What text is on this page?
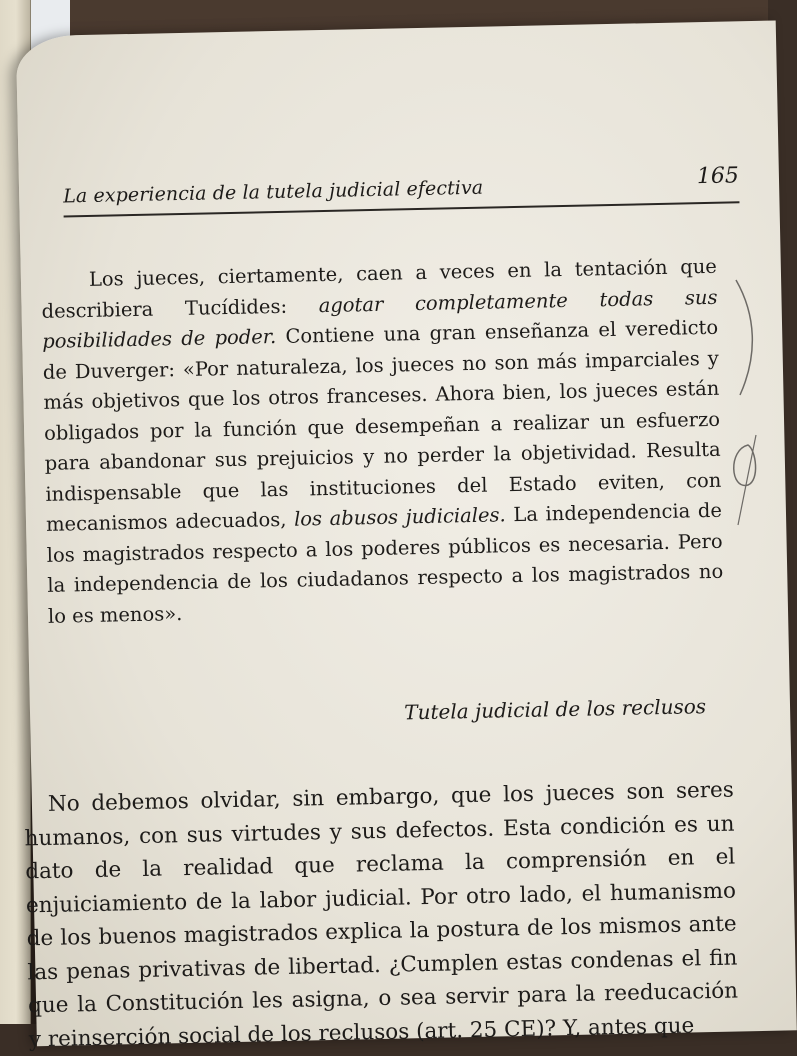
La experiencia de la tutela judicial efectiva
165

Los jueces, ciertamente, caen a veces en la tentación que describiera Tucídides: agotar completamente todas sus posibilidades de poder. Contiene una gran enseñanza el veredicto de Duverger: «Por naturaleza, los jueces no son más imparciales y más objetivos que los otros franceses. Ahora bien, los jueces están obligados por la función que desempeñan a realizar un esfuerzo para abandonar sus prejuicios y no perder la objetividad. Resulta indispensable que las instituciones del Estado eviten, con mecanismos adecuados, los abusos judiciales. La independencia de los magistrados respecto a los poderes públicos es necesaria. Pero la independencia de los ciudadanos respecto a los magistrados no lo es menos».

Tutela judicial de los reclusos

No debemos olvidar, sin embargo, que los jueces son seres humanos, con sus virtudes y sus defectos. Esta condición es un dato de la realidad que reclama la comprensión en el enjuiciamiento de la labor judicial. Por otro lado, el humanismo de los buenos magistrados explica la postura de los mismos ante las penas privativas de libertad. ¿Cumplen estas condenas el fin que la Constitución les asigna, o sea servir para la reeducación y reinserción social de los reclusos (art. 25 CE)? Y, antes que
